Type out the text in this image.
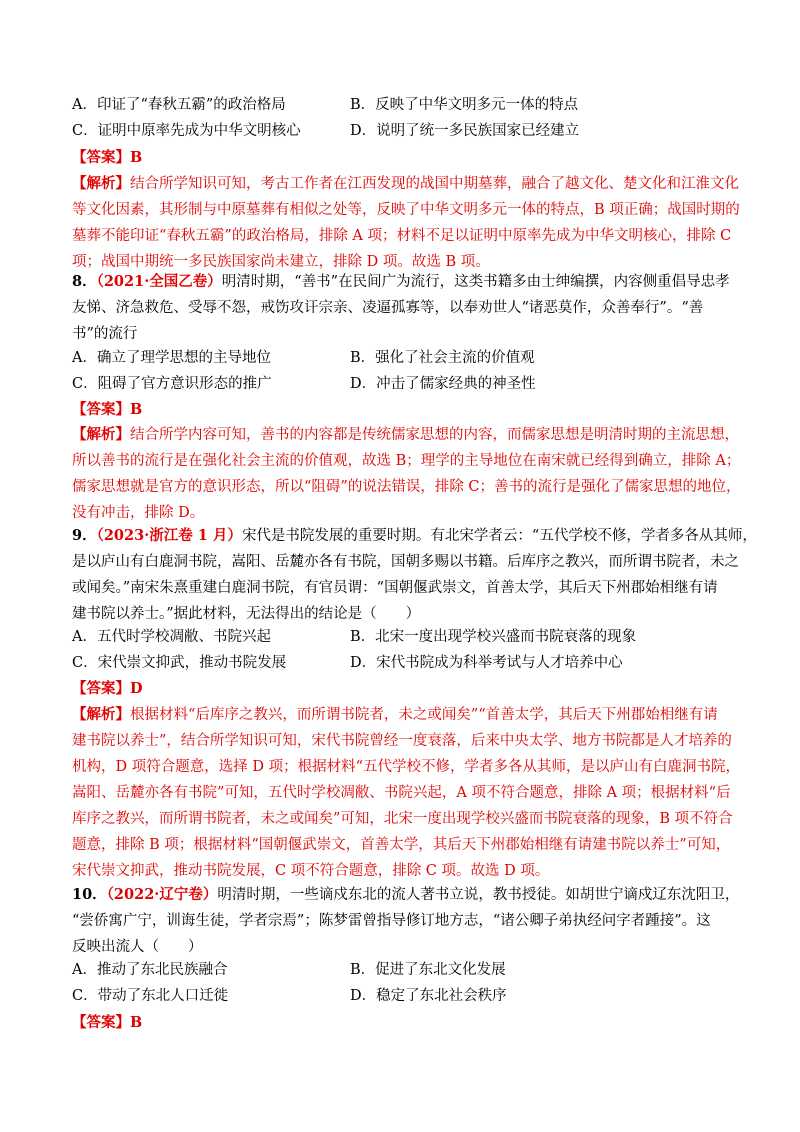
A．印证了“春秋五霸”的政治格局	B．反映了中华文明多元一体的特点
C．证明中原率先成为中华文明核心	D．说明了统一多民族国家已经建立
【答案】B
【解析】结合所学知识可知，考古工作者在江西发现的战国中期墓葬，融合了越文化、楚文化和江淮文化
等文化因素，其形制与中原墓葬有相似之处等，反映了中华文明多元一体的特点，B 项正确；战国时期的
墓葬不能印证“春秋五霸”的政治格局，排除 A 项；材料不足以证明中原率先成为中华文明核心，排除 C
项；战国中期统一多民族国家尚未建立，排除 D 项。故选 B 项。
8．（2021·全国乙卷）明清时期，“善书”在民间广为流行，这类书籍多由士绅编撰，内容侧重倡导忠孝
友悌、济急救危、受辱不怨，戒饬攻讦宗亲、凌逼孤寡等，以奉劝世人“诸恶莫作，众善奉行”。“善
书”的流行
A．确立了理学思想的主导地位	B．强化了社会主流的价值观
C．阻碍了官方意识形态的推广	D．冲击了儒家经典的神圣性
【答案】B
【解析】结合所学内容可知，善书的内容都是传统儒家思想的内容，而儒家思想是明清时期的主流思想，
所以善书的流行是在强化社会主流的价值观，故选 B；理学的主导地位在南宋就已经得到确立，排除 A；
儒家思想就是官方的意识形态，所以“阻碍”的说法错误，排除 C；善书的流行是强化了儒家思想的地位，
没有冲击，排除 D。
9．（2023·浙江卷 1 月）宋代是书院发展的重要时期。有北宋学者云：“五代学校不修，学者多各从其师，
是以庐山有白鹿洞书院，嵩阳、岳麓亦各有书院，国朝多赐以书籍。后库序之教兴，而所谓书院者，未之
或闻矣。”南宋朱熹重建白鹿洞书院，有官员谓：“国朝偃武崇文，首善太学，其后天下州郡始相继有请
建书院以养士。”据此材料，无法得出的结论是（　　）
A．五代时学校凋敝、书院兴起	B．北宋一度出现学校兴盛而书院衰落的现象
C．宋代崇文抑武，推动书院发展	D．宋代书院成为科举考试与人才培养中心
【答案】D
【解析】根据材料“后库序之教兴，而所谓书院者，未之或闻矣”“首善太学，其后天下州郡始相继有请
建书院以养士”，结合所学知识可知，宋代书院曾经一度衰落，后来中央太学、地方书院都是人才培养的
机构，D 项符合题意，选择 D 项；根据材料“五代学校不修，学者多各从其师，是以庐山有白鹿洞书院，
嵩阳、岳麓亦各有书院”可知，五代时学校凋敝、书院兴起，A 项不符合题意，排除 A 项；根据材料“后
库序之教兴，而所谓书院者，未之或闻矣”可知，北宋一度出现学校兴盛而书院衰落的现象，B 项不符合
题意，排除 B 项；根据材料“国朝偃武崇文，首善太学，其后天下州郡始相继有请建书院以养士”可知，
宋代崇文抑武，推动书院发展，C 项不符合题意，排除 C 项。故选 D 项。
10．（2022·辽宁卷）明清时期，一些谪戍东北的流人著书立说，教书授徒。如胡世宁谪戍辽东沈阳卫，
“尝侨寓广宁，训诲生徒，学者宗焉”；陈梦雷曾指导修订地方志，“诸公卿子弟执经问字者踵接”。这
反映出流人（　　）
A．推动了东北民族融合	B．促进了东北文化发展
C．带动了东北人口迁徙	D．稳定了东北社会秩序
【答案】B
